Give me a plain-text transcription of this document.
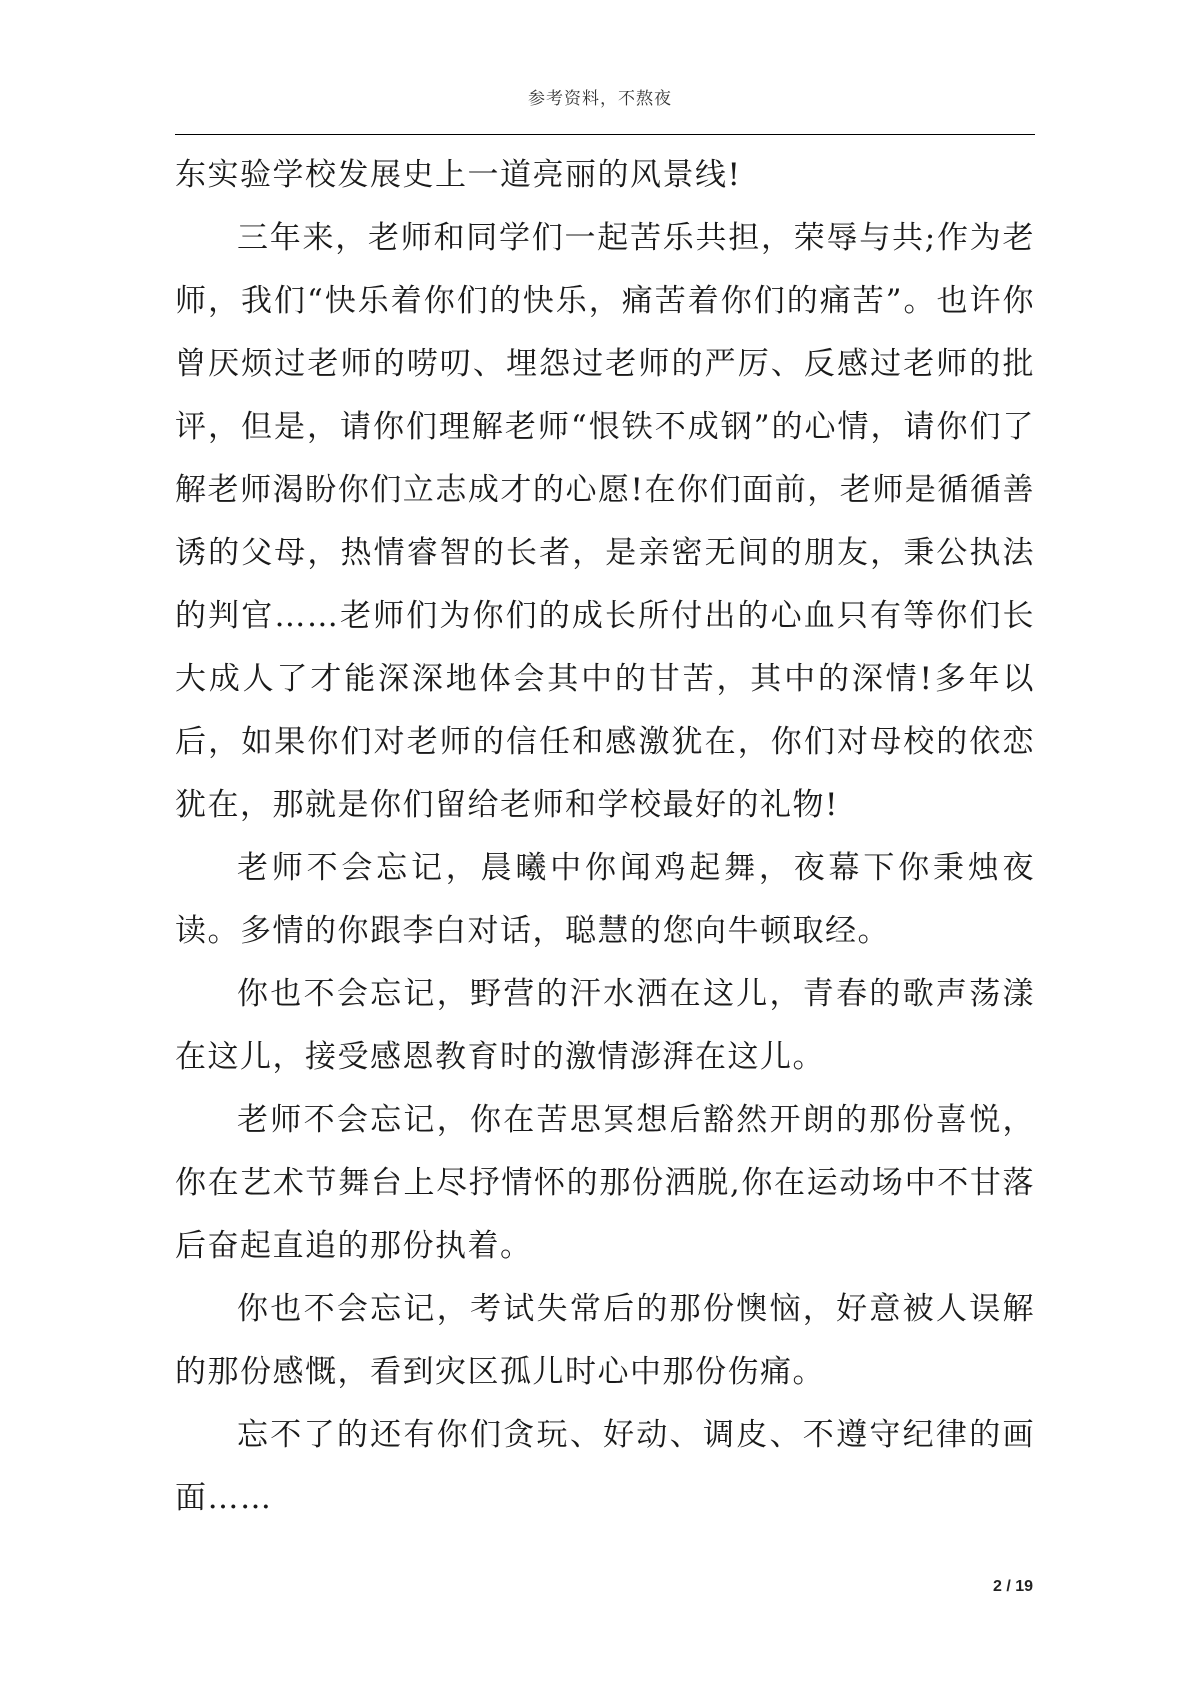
参考资料，不熬夜

东实验学校发展史上一道亮丽的风景线!

三年来，老师和同学们一起苦乐共担，荣辱与共;作为老师，我们“快乐着你们的快乐，痛苦着你们的痛苦”。也许你曾厌烦过老师的唠叨、埋怨过老师的严厉、反感过老师的批评，但是，请你们理解老师“恨铁不成钢”的心情，请你们了解老师渴盼你们立志成才的心愿!在你们面前，老师是循循善诱的父母，热情睿智的长者，是亲密无间的朋友，秉公执法的判官……老师们为你们的成长所付出的心血只有等你们长大成人了才能深深地体会其中的甘苦，其中的深情!多年以后，如果你们对老师的信任和感激犹在，你们对母校的依恋犹在，那就是你们留给老师和学校最好的礼物!

老师不会忘记，晨曦中你闻鸡起舞，夜幕下你秉烛夜读。多情的你跟李白对话，聪慧的您向牛顿取经。

你也不会忘记，野营的汗水洒在这儿，青春的歌声荡漾在这儿，接受感恩教育时的激情澎湃在这儿。

老师不会忘记，你在苦思冥想后豁然开朗的那份喜悦，你在艺术节舞台上尽抒情怀的那份洒脱,你在运动场中不甘落后奋起直追的那份执着。

你也不会忘记，考试失常后的那份懊恼，好意被人误解的那份感慨，看到灾区孤儿时心中那份伤痛。

忘不了的还有你们贪玩、好动、调皮、不遵守纪律的画面……

2 / 19
